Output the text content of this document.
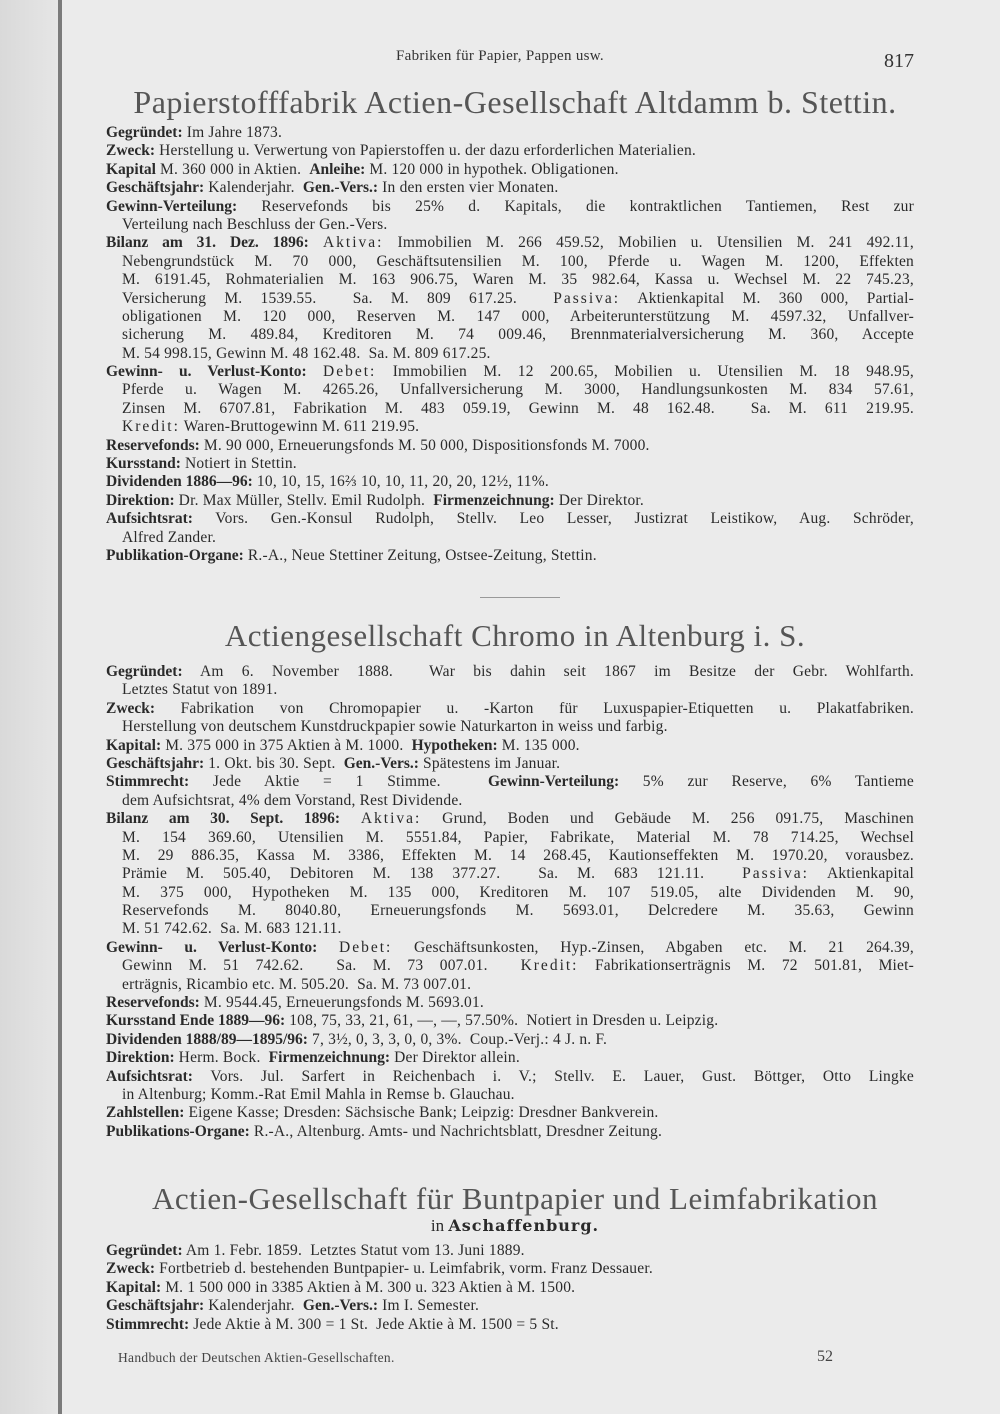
Fabriken für Papier, Pappen usw.	817
Papierstofffabrik Actien-Gesellschaft Altdamm b. Stettin.
Gegründet: Im Jahre 1873.
Zweck: Herstellung u. Verwertung von Papierstoffen u. der dazu erforderlichen Materialien.
Kapital M. 360 000 in Aktien.  Anleihe: M. 120 000 in hypothek. Obligationen.
Geschäftsjahr: Kalenderjahr.  Gen.-Vers.: In den ersten vier Monaten.
Gewinn-Verteilung: Reservefonds bis 25% d. Kapitals, die kontraktlichen Tantiemen, Rest zur
Verteilung nach Beschluss der Gen.-Vers.
Bilanz am 31. Dez. 1896: Aktiva: Immobilien M. 266 459.52, Mobilien u. Utensilien M. 241 492.11,
Nebengrundstück M. 70 000, Geschäftsutensilien M. 100, Pferde u. Wagen M. 1200, Effekten
M. 6191.45, Rohmaterialien M. 163 906.75, Waren M. 35 982.64, Kassa u. Wechsel M. 22 745.23,
Versicherung M. 1539.55.  Sa. M. 809 617.25.  Passiva: Aktienkapital M. 360 000, Partial-
obligationen M. 120 000, Reserven M. 147 000, Arbeiterunterstützung M. 4597.32, Unfallver-
sicherung M. 489.84, Kreditoren M. 74 009.46, Brennmaterialversicherung M. 360, Accepte
M. 54 998.15, Gewinn M. 48 162.48.  Sa. M. 809 617.25.
Gewinn- u. Verlust-Konto: Debet: Immobilien M. 12 200.65, Mobilien u. Utensilien M. 18 948.95,
Pferde u. Wagen M. 4265.26, Unfallversicherung M. 3000, Handlungsunkosten M. 834 57.61,
Zinsen M. 6707.81, Fabrikation M. 483 059.19, Gewinn M. 48 162.48.  Sa. M. 611 219.95.
Kredit: Waren-Bruttogewinn M. 611 219.95.
Reservefonds: M. 90 000, Erneuerungsfonds M. 50 000, Dispositionsfonds M. 7000.
Kursstand: Notiert in Stettin.
Dividenden 1886—96: 10, 10, 15, 16⅔ 10, 10, 11, 20, 20, 12½, 11%.
Direktion: Dr. Max Müller, Stellv. Emil Rudolph.  Firmenzeichnung: Der Direktor.
Aufsichtsrat: Vors. Gen.-Konsul Rudolph, Stellv. Leo Lesser, Justizrat Leistikow, Aug. Schröder,
Alfred Zander.
Publikation-Organe: R.-A., Neue Stettiner Zeitung, Ostsee-Zeitung, Stettin.
Actiengesellschaft Chromo in Altenburg i. S.
Gegründet: Am 6. November 1888.  War bis dahin seit 1867 im Besitze der Gebr. Wohlfarth.
Letztes Statut von 1891.
Zweck: Fabrikation von Chromopapier u. -Karton für Luxuspapier-Etiquetten u. Plakatfabriken.
Herstellung von deutschem Kunstdruckpapier sowie Naturkarton in weiss und farbig.
Kapital: M. 375 000 in 375 Aktien à M. 1000.  Hypotheken: M. 135 000.
Geschäftsjahr: 1. Okt. bis 30. Sept.  Gen.-Vers.: Spätestens im Januar.
Stimmrecht: Jede Aktie = 1 Stimme.  Gewinn-Verteilung: 5% zur Reserve, 6% Tantieme
dem Aufsichtsrat, 4% dem Vorstand, Rest Dividende.
Bilanz am 30. Sept. 1896: Aktiva: Grund, Boden und Gebäude M. 256 091.75, Maschinen
M. 154 369.60, Utensilien M. 5551.84, Papier, Fabrikate, Material M. 78 714.25, Wechsel
M. 29 886.35, Kassa M. 3386, Effekten M. 14 268.45, Kautionseffekten M. 1970.20, vorausbez.
Prämie M. 505.40, Debitoren M. 138 377.27.  Sa. M. 683 121.11.  Passiva: Aktienkapital
M. 375 000, Hypotheken M. 135 000, Kreditoren M. 107 519.05, alte Dividenden M. 90,
Reservefonds M. 8040.80, Erneuerungsfonds M. 5693.01, Delcredere M. 35.63, Gewinn
M. 51 742.62.  Sa. M. 683 121.11.
Gewinn- u. Verlust-Konto: Debet: Geschäftsunkosten, Hyp.-Zinsen, Abgaben etc. M. 21 264.39,
Gewinn M. 51 742.62.  Sa. M. 73 007.01.  Kredit: Fabrikationserträgnis M. 72 501.81, Miet-
erträgnis, Ricambio etc. M. 505.20.  Sa. M. 73 007.01.
Reservefonds: M. 9544.45, Erneuerungsfonds M. 5693.01.
Kursstand Ende 1889—96: 108, 75, 33, 21, 61, —, —, 57.50%.  Notiert in Dresden u. Leipzig.
Dividenden 1888/89—1895/96: 7, 3½, 0, 3, 3, 0, 0, 3%.  Coup.-Verj.: 4 J. n. F.
Direktion: Herm. Bock.  Firmenzeichnung: Der Direktor allein.
Aufsichtsrat: Vors. Jul. Sarfert in Reichenbach i. V.; Stellv. E. Lauer, Gust. Böttger, Otto Lingke
in Altenburg; Komm.-Rat Emil Mahla in Remse b. Glauchau.
Zahlstellen: Eigene Kasse; Dresden: Sächsische Bank; Leipzig: Dresdner Bankverein.
Publikations-Organe: R.-A., Altenburg. Amts- und Nachrichtsblatt, Dresdner Zeitung.
Actien-Gesellschaft für Buntpapier und Leimfabrikation
in Aschaffenburg.
Gegründet: Am 1. Febr. 1859.  Letztes Statut vom 13. Juni 1889.
Zweck: Fortbetrieb d. bestehenden Buntpapier- u. Leimfabrik, vorm. Franz Dessauer.
Kapital: M. 1 500 000 in 3385 Aktien à M. 300 u. 323 Aktien à M. 1500.
Geschäftsjahr: Kalenderjahr.  Gen.-Vers.: Im I. Semester.
Stimmrecht: Jede Aktie à M. 300 = 1 St.  Jede Aktie à M. 1500 = 5 St.
Handbuch der Deutschen Aktien-Gesellschaften.	52
